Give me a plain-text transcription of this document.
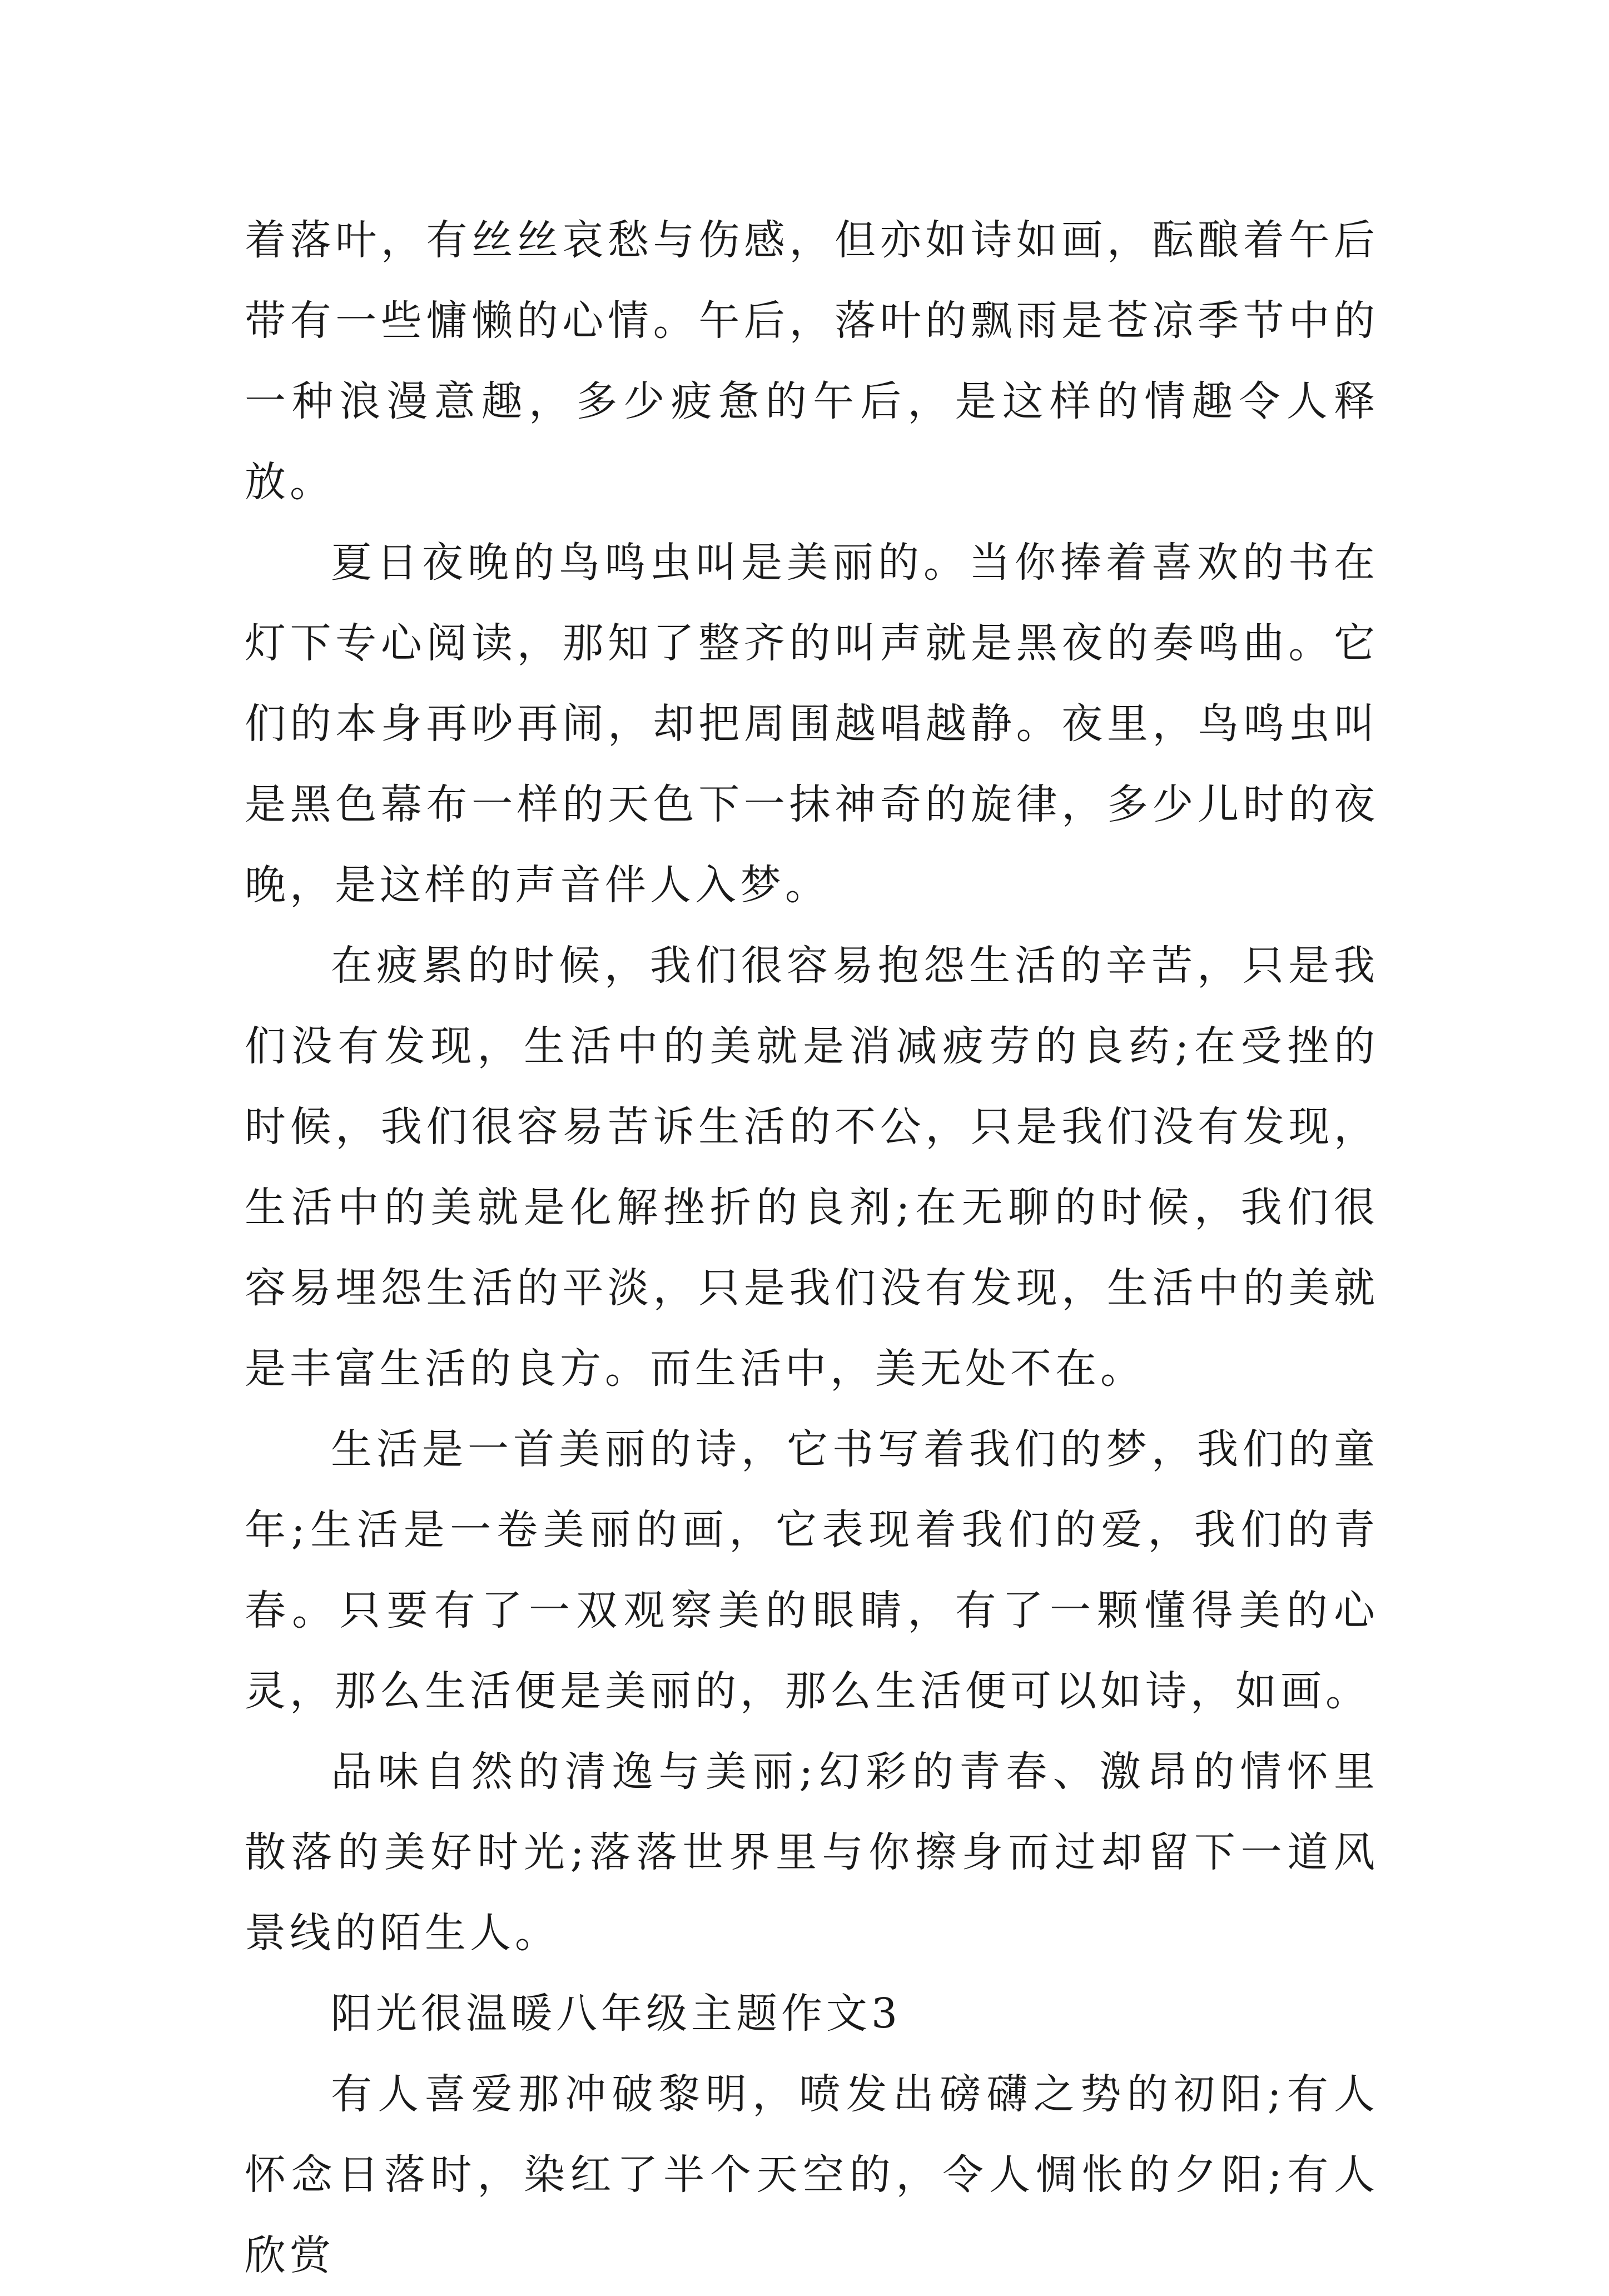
着落叶，有丝丝哀愁与伤感，但亦如诗如画，酝酿着午后带有一些慵懒的心情。午后，落叶的飘雨是苍凉季节中的一种浪漫意趣，多少疲惫的午后，是这样的情趣令人释放。

夏日夜晚的鸟鸣虫叫是美丽的。当你捧着喜欢的书在灯下专心阅读，那知了整齐的叫声就是黑夜的奏鸣曲。它们的本身再吵再闹，却把周围越唱越静。夜里，鸟鸣虫叫是黑色幕布一样的天色下一抹神奇的旋律，多少儿时的夜晚，是这样的声音伴人入梦。

在疲累的时候，我们很容易抱怨生活的辛苦，只是我们没有发现，生活中的美就是消减疲劳的良药;在受挫的时候，我们很容易苦诉生活的不公，只是我们没有发现，生活中的美就是化解挫折的良剂;在无聊的时候，我们很容易埋怨生活的平淡，只是我们没有发现，生活中的美就是丰富生活的良方。而生活中，美无处不在。

生活是一首美丽的诗，它书写着我们的梦，我们的童年;生活是一卷美丽的画，它表现着我们的爱，我们的青春。只要有了一双观察美的眼睛，有了一颗懂得美的心灵，那么生活便是美丽的，那么生活便可以如诗，如画。

品味自然的清逸与美丽;幻彩的青春、激昂的情怀里散落的美好时光;落落世界里与你擦身而过却留下一道风景线的陌生人。

阳光很温暖八年级主题作文3

有人喜爱那冲破黎明，喷发出磅礴之势的初阳;有人怀念日落时，染红了半个天空的，令人惆怅的夕阳;有人欣赏
